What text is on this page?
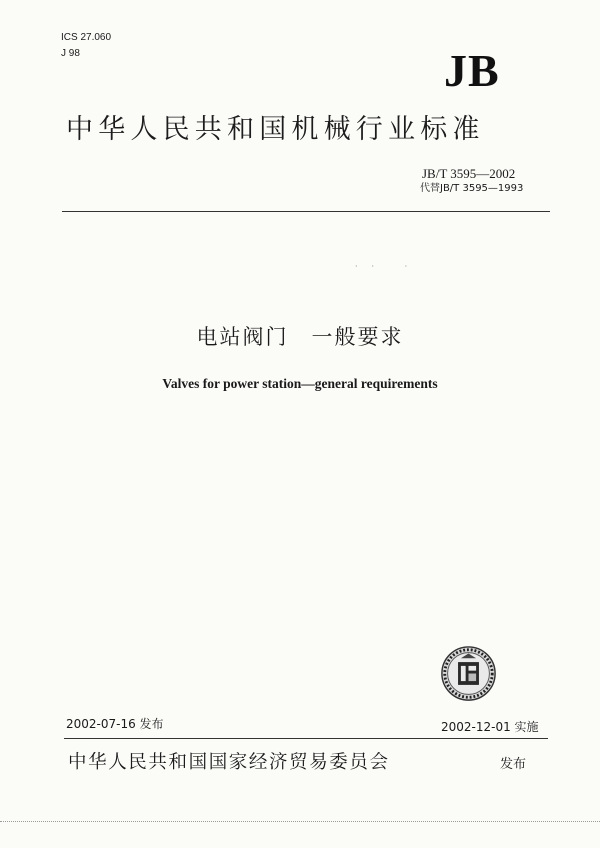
ICS 27.060
J 98	JB
中华人民共和国机械行业标准
JB/T 3595—2002
代替JB/T 3595—1993
·· ·
电站阀门　一般要求
Valves for power station—general requirements
2002-07-16 发布	2002-12-01 实施
中华人民共和国国家经济贸易委员会	发布
